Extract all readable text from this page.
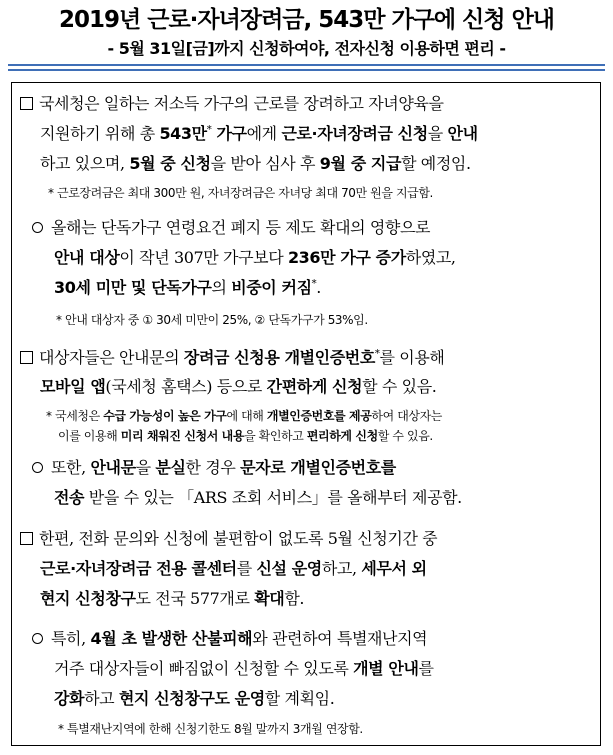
2019년 근로·자녀장려금, 543만 가구에 신청 안내
- 5월 31일[금]까지 신청하여야, 전자신청 이용하면 편리 -
국세청은 일하는 저소득 가구의 근로를 장려하고 자녀양육을
지원하기 위해 총 543만* 가구에게 근로·자녀장려금 신청을 안내
하고 있으며, 5월 중 신청을 받아 심사 후 9월 중 지급할 예정임.
* 근로장려금은 최대 300만 원, 자녀장려금은 자녀당 최대 70만 원을 지급함.
올해는 단독가구 연령요건 폐지 등 제도 확대의 영향으로
안내 대상이 작년 307만 가구보다 236만 가구 증가하였고,
30세 미만 및 단독가구의 비중이 커짐*.
* 안내 대상자 중 ① 30세 미만이 25%, ② 단독가구가 53%임.
대상자들은 안내문의 장려금 신청용 개별인증번호*를 이용해
모바일 앱(국세청 홈택스) 등으로 간편하게 신청할 수 있음.
* 국세청은 수급 가능성이 높은 가구에 대해 개별인증번호를 제공하여 대상자는
이를 이용해 미리 채워진 신청서 내용을 확인하고 편리하게 신청할 수 있음.
또한, 안내문을 분실한 경우 문자로 개별인증번호를
전송 받을 수 있는 「ARS 조회 서비스」를 올해부터 제공함.
한편, 전화 문의와 신청에 불편함이 없도록 5월 신청기간 중
근로·자녀장려금 전용 콜센터를 신설 운영하고, 세무서 외
현지 신청창구도 전국 577개로 확대함.
특히, 4월 초 발생한 산불피해와 관련하여 특별재난지역
거주 대상자들이 빠짐없이 신청할 수 있도록 개별 안내를
강화하고 현지 신청창구도 운영할 계획임.
* 특별재난지역에 한해 신청기한도 8월 말까지 3개월 연장함.
